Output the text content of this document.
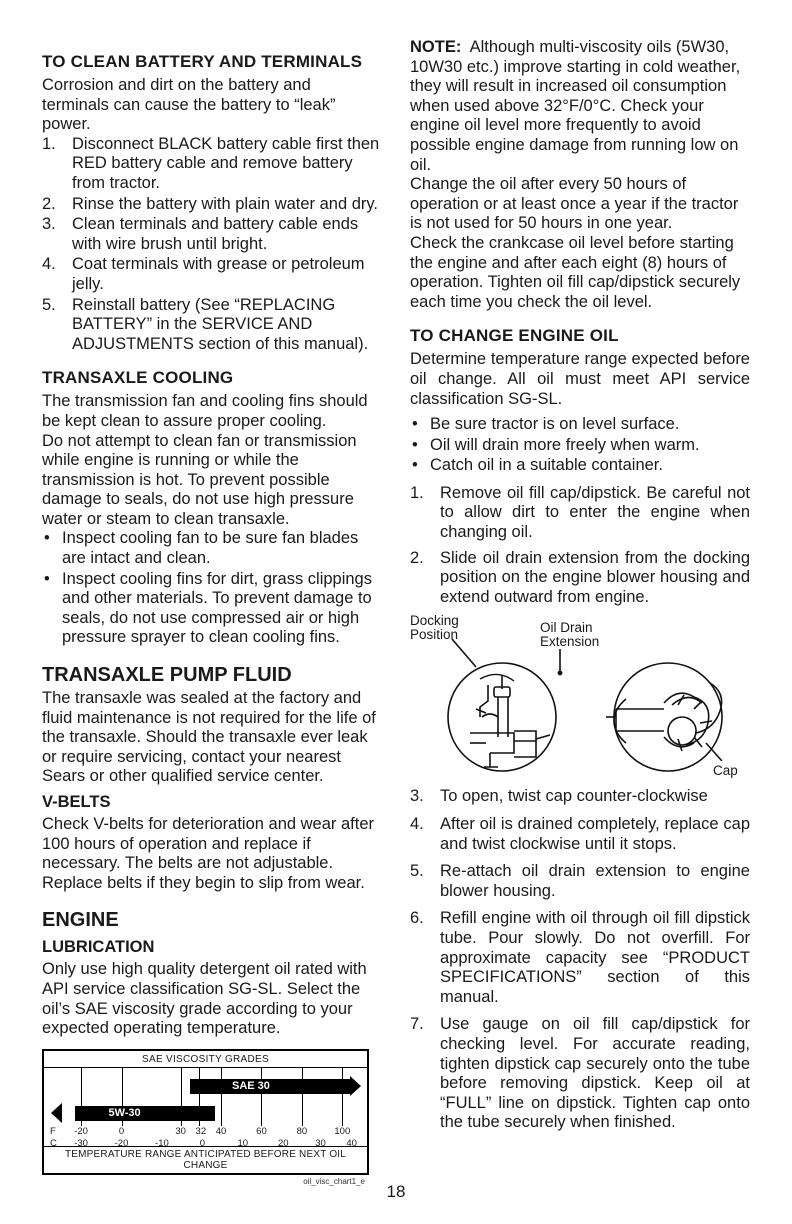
TO CLEAN BATTERY AND TERMINALS

Corrosion and dirt on the battery and terminals can cause the battery to “leak” power.

1. Disconnect BLACK battery cable first then RED battery cable and remove battery from tractor.
2. Rinse the battery with plain water and dry.
3. Clean terminals and battery cable ends with wire brush until bright.
4. Coat terminals with grease or petroleum jelly.
5. Reinstall battery (See “REPLACING BATTERY” in the SERVICE AND ADJUSTMENTS section of this manual).
TRANSAXLE COOLING

The transmission fan and cooling fins should be kept clean to assure proper cooling.

Do not attempt to clean fan or transmission while engine is running or while the transmission is hot. To prevent possible damage to seals, do not use high pressure water or steam to clean transaxle.

• Inspect cooling fan to be sure fan blades are intact and clean.
• Inspect cooling fins for dirt, grass clippings and other materials. To prevent damage to seals, do not use compressed air or high pressure sprayer to clean cooling fins.
TRANSAXLE PUMP FLUID

The transaxle was sealed at the factory and fluid maintenance is not required for the life of the transaxle. Should the transaxle ever leak or require servicing, contact your nearest Sears or other qualified service center.

V-BELTS

Check V-belts for deterioration and wear after 100 hours of operation and replace if necessary. The belts are not adjustable. Replace belts if they begin to slip from wear.

ENGINE
LUBRICATION

Only use high quality detergent oil rated with API service classification SG-SL. Select the oil’s SAE viscosity grade according to your expected operating temperature.

SAE VISCOSITY GRADES
SAE 30
5W-30
F -20	0	30 32 40	60	80	100
C -30	-20	-10	0	10	20	30 40
TEMPERATURE RANGE ANTICIPATED BEFORE NEXT OIL CHANGE
oil_visc_chart1_e

NOTE: Although multi-viscosity oils (5W30, 10W30 etc.) improve starting in cold weather, they will result in increased oil consumption when used above 32°F/0°C. Check your engine oil level more frequently to avoid possible engine damage from running low on oil.

Change the oil after every 50 hours of operation or at least once a year if the tractor is not used for 50 hours in one year.

Check the crankcase oil level before starting the engine and after each eight (8) hours of operation. Tighten oil fill cap/dipstick securely each time you check the oil level.

TO CHANGE ENGINE OIL

Determine temperature range expected before oil change. All oil must meet API service classification SG-SL.

• Be sure tractor is on level surface.
• Oil will drain more freely when warm.
• Catch oil in a suitable container.
1. Remove oil fill cap/dipstick. Be careful not to allow dirt to enter the engine when changing oil.
2. Slide oil drain extension from the docking position on the engine blower housing and extend outward from engine.
Docking
Position	Oil Drain
Extension
Cap
3. To open, twist cap counter-clockwise
4. After oil is drained completely, replace cap and twist clockwise until it stops.
5. Re-attach oil drain extension to engine blower housing.
6. Refill engine with oil through oil fill dipstick tube. Pour slowly. Do not overfill. For approximate capacity see “PRODUCT SPECIFICATIONS” section of this manual.
7. Use gauge on oil fill cap/dipstick for checking level. For accurate reading, tighten dipstick cap securely onto the tube before removing dipstick. Keep oil at “FULL” line on dipstick. Tighten cap onto the tube securely when finished.
18
